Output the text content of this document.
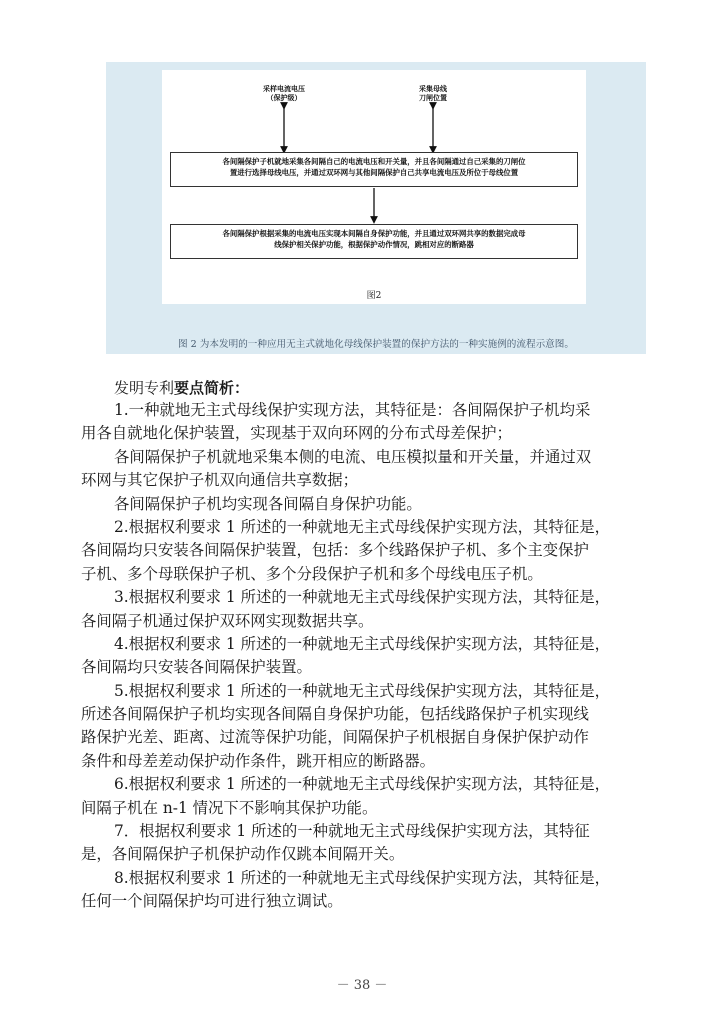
采样电流电压
（保护级）
采集母线
刀闸位置
各间隔保护子机就地采集各间隔自己的电流电压和开关量，并且各间隔通过自己采集的刀闸位
置进行选择母线电压，并通过双环网与其他间隔保护自己共享电流电压及所位于母线位置
各间隔保护根据采集的电流电压实现本间隔自身保护功能，并且通过双环网共享的数据完成母
线保护相关保护功能，根据保护动作情况，跳相对应的断路器
图2
图 2 为本发明的一种应用无主式就地化母线保护装置的保护方法的一种实施例的流程示意图。
发明专利要点简析：
1.一种就地无主式母线保护实现方法，其特征是：各间隔保护子机均采
用各自就地化保护装置，实现基于双向环网的分布式母差保护；
各间隔保护子机就地采集本侧的电流、电压模拟量和开关量，并通过双
环网与其它保护子机双向通信共享数据；
各间隔保护子机均实现各间隔自身保护功能。
2.根据权利要求 1 所述的一种就地无主式母线保护实现方法，其特征是，
各间隔均只安装各间隔保护装置，包括：多个线路保护子机、多个主变保护
子机、多个母联保护子机、多个分段保护子机和多个母线电压子机。
3.根据权利要求 1 所述的一种就地无主式母线保护实现方法，其特征是，
各间隔子机通过保护双环网实现数据共享。
4.根据权利要求 1 所述的一种就地无主式母线保护实现方法，其特征是，
各间隔均只安装各间隔保护装置。
5.根据权利要求 1 所述的一种就地无主式母线保护实现方法，其特征是，
所述各间隔保护子机均实现各间隔自身保护功能，包括线路保护子机实现线
路保护光差、距离、过流等保护功能，间隔保护子机根据自身保护保护动作
条件和母差差动保护动作条件，跳开相应的断路器。
6.根据权利要求 1 所述的一种就地无主式母线保护实现方法，其特征是，
间隔子机在 n-1 情况下不影响其保护功能。
7．根据权利要求 1 所述的一种就地无主式母线保护实现方法，其特征
是，各间隔保护子机保护动作仅跳本间隔开关。
8.根据权利要求 1 所述的一种就地无主式母线保护实现方法，其特征是，
任何一个间隔保护均可进行独立调试。
－ 38 －
